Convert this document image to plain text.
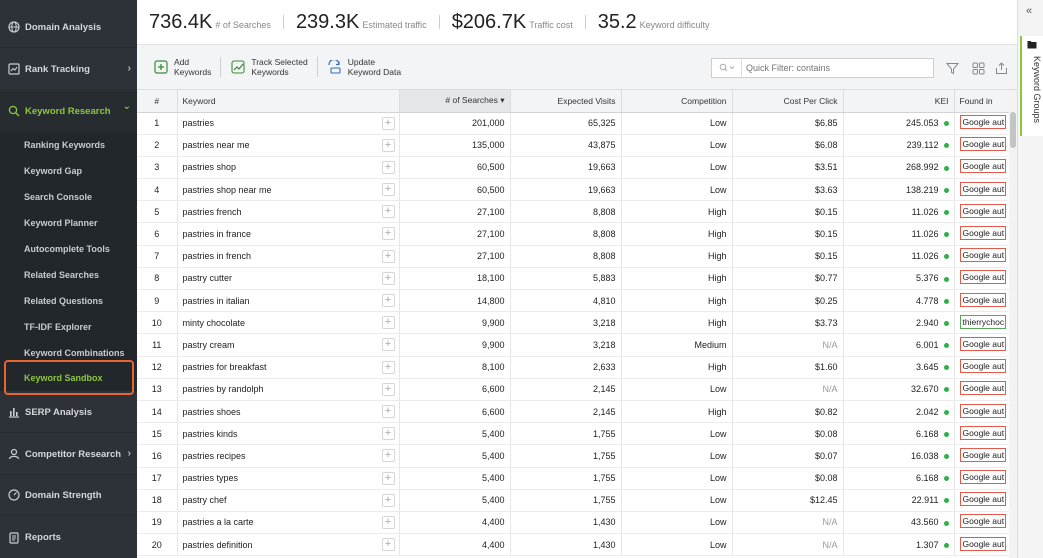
Domain Analysis
Rank Tracking	›
Keyword Research ⌄
Ranking Keywords
Keyword Gap
Search Console
Keyword Planner
Autocomplete Tools
Related Searches
Related Questions
TF-IDF Explorer
Keyword Combinations
Keyword Sandbox
SERP Analysis
Competitor Research ›
Domain Strength
Reports
736.4K # of Searches 239.3K Estimated traffic $206.7K Traffic cost 35.2 Keyword difficulty
Add
Keywords
Track Selected
Keywords
Update
Keyword Data
Quick Filter: contains
#	Keyword	# of Searches ▾	Expected Visits	Competition	Cost Per Click	KEI	Found in
1	pastries +	201,000	65,325	Low	$6.85	245.053	Google aut
2	pastries near me +	135,000	43,875	Low	$6.08	239.112	Google aut
3	pastries shop +	60,500	19,663	Low	$3.51	268.992	Google aut
4	pastries shop near me +	60,500	19,663	Low	$3.63	138.219	Google aut
5	pastries french +	27,100	8,808	High	$0.15	11.026	Google aut
6	pastries in france +	27,100	8,808	High	$0.15	11.026	Google aut
7	pastries in french +	27,100	8,808	High	$0.15	11.026	Google aut
8	pastry cutter +	18,100	5,883	High	$0.77	5.376	Google aut
9	pastries in italian +	14,800	4,810	High	$0.25	4.778	Google aut
10	minty chocolate +	9,900	3,218	High	$3.73	2.940	thierrychoc
11	pastry cream +	9,900	3,218	Medium	N/A	6.001	Google aut
12	pastries for breakfast +	8,100	2,633	High	$1.60	3.645	Google aut
13	pastries by randolph +	6,600	2,145	Low	N/A	32.670	Google aut
14	pastries shoes +	6,600	2,145	High	$0.82	2.042	Google aut
15	pastries kinds +	5,400	1,755	Low	$0.08	6.168	Google aut
16	pastries recipes +	5,400	1,755	Low	$0.07	16.038	Google aut
17	pastries types +	5,400	1,755	Low	$0.08	6.168	Google aut
18	pastry chef +	5,400	1,755	Low	$12.45	22.911	Google aut
19	pastries a la carte +	4,400	1,430	Low	N/A	43.560	Google aut
20	pastries definition +	4,400	1,430	Low	N/A	1.307	Google aut
«
Keyword Groups
